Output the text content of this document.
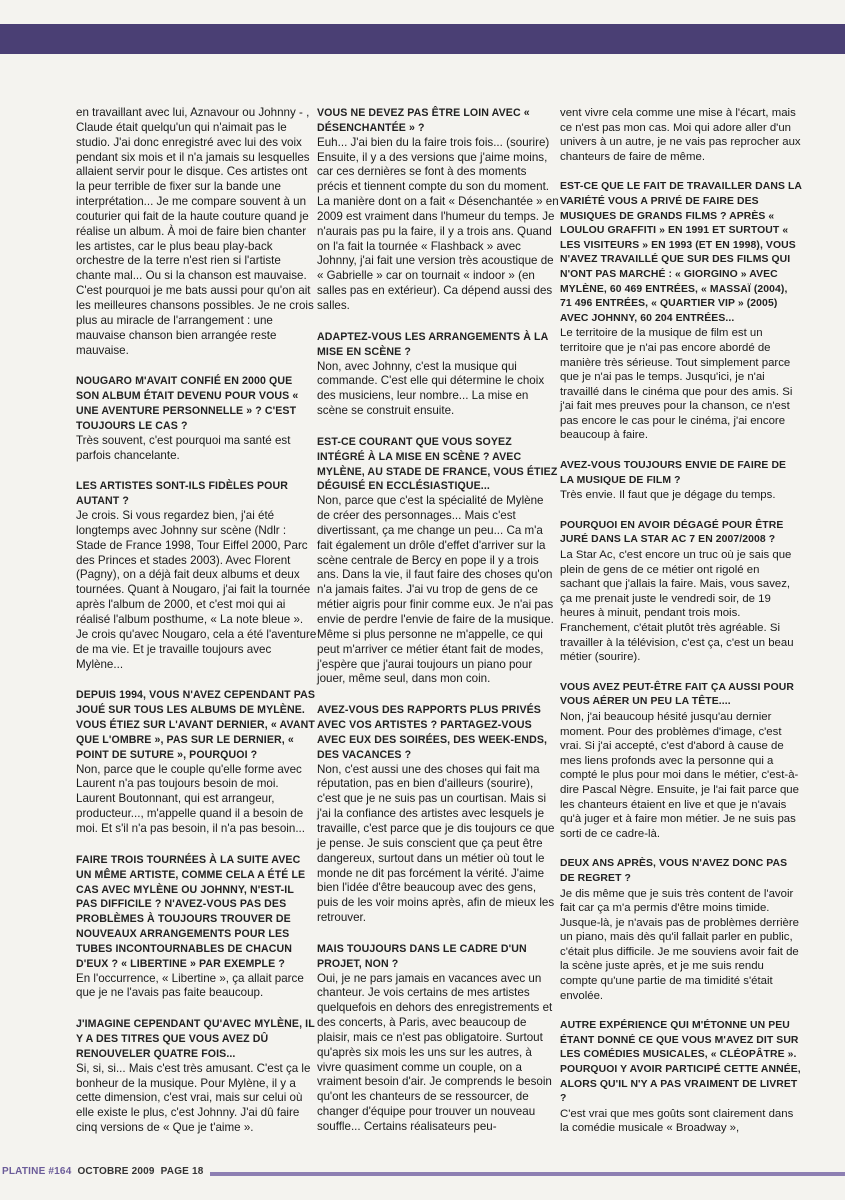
en travaillant avec lui, Aznavour ou Johnny - , Claude était quelqu'un qui n'aimait pas le studio. J'ai donc enregistré avec lui des voix pendant six mois et il n'a jamais su lesquelles allaient servir pour le disque. Ces artistes ont la peur terrible de fixer sur la bande une interprétation... Je me compare souvent à un couturier qui fait de la haute couture quand je réalise un album. À moi de faire bien chanter les artistes, car le plus beau play-back orchestre de la terre n'est rien si l'artiste chante mal... Ou si la chanson est mauvaise. C'est pourquoi je me bats aussi pour qu'on ait les meilleures chansons possibles. Je ne crois plus au miracle de l'arrangement : une mauvaise chanson bien arrangée reste mauvaise.

NOUGARO M'AVAIT CONFIÉ EN 2000 QUE SON ALBUM ÉTAIT DEVENU POUR VOUS « UNE AVENTURE PERSONNELLE » ? C'EST TOUJOURS LE CAS ?

Très souvent, c'est pourquoi ma santé est parfois chancelante.

LES ARTISTES SONT-ILS FIDÈLES POUR AUTANT ?

Je crois. Si vous regardez bien, j'ai été longtemps avec Johnny sur scène (Ndlr : Stade de France 1998, Tour Eiffel 2000, Parc des Princes et stades 2003). Avec Florent (Pagny), on a déjà fait deux albums et deux tournées. Quant à Nougaro, j'ai fait la tournée après l'album de 2000, et c'est moi qui ai réalisé l'album posthume, « La note bleue ». Je crois qu'avec Nougaro, cela a été l'aventure de ma vie. Et je travaille toujours avec Mylène...

DEPUIS 1994, VOUS N'AVEZ CEPENDANT PAS JOUÉ SUR TOUS LES ALBUMS DE MYLÈNE. VOUS ÉTIEZ SUR L'AVANT DERNIER, « AVANT QUE L'OMBRE », PAS SUR LE DERNIER, « POINT DE SUTURE », POURQUOI ?

Non, parce que le couple qu'elle forme avec Laurent n'a pas toujours besoin de moi. Laurent Boutonnant, qui est arrangeur, producteur..., m'appelle quand il a besoin de moi. Et s'il n'a pas besoin, il n'a pas besoin...

FAIRE TROIS TOURNÉES À LA SUITE AVEC UN MÊME ARTISTE, COMME CELA A ÉTÉ LE CAS AVEC MYLÈNE OU JOHNNY, N'EST-IL PAS DIFFICILE ? N'AVEZ-VOUS PAS DES PROBLÈMES À TOUJOURS TROUVER DE NOUVEAUX ARRANGEMENTS POUR LES TUBES INCONTOURNABLES DE CHACUN D'EUX ? « LIBERTINE » PAR EXEMPLE ?

En l'occurrence, « Libertine », ça allait parce que je ne l'avais pas faite beaucoup.

J'IMAGINE CEPENDANT QU'AVEC MYLÈNE, IL Y A DES TITRES QUE VOUS AVEZ DÛ RENOUVELER QUATRE FOIS...

Si, si, si... Mais c'est très amusant. C'est ça le bonheur de la musique. Pour Mylène, il y a cette dimension, c'est vrai, mais sur celui où elle existe le plus, c'est Johnny. J'ai dû faire cinq versions de « Que je t'aime ».

VOUS NE DEVEZ PAS ÊTRE LOIN AVEC « DÉSENCHANTÉE » ?

Euh... J'ai bien du la faire trois fois... (sourire) Ensuite, il y a des versions que j'aime moins, car ces dernières se font à des moments précis et tiennent compte du son du moment. La manière dont on a fait « Désenchantée » en 2009 est vraiment dans l'humeur du temps. Je n'aurais pas pu la faire, il y a trois ans. Quand on l'a fait la tournée « Flashback » avec Johnny, j'ai fait une version très acoustique de « Gabrielle » car on tournait « indoor » (en salles pas en extérieur). Ca dépend aussi des salles.

ADAPTEZ-VOUS LES ARRANGEMENTS À LA MISE EN SCÈNE ?

Non, avec Johnny, c'est la musique qui commande. C'est elle qui détermine le choix des musiciens, leur nombre... La mise en scène se construit ensuite.

EST-CE COURANT QUE VOUS SOYEZ INTÉGRÉ À LA MISE EN SCÈNE ? AVEC MYLÈNE, AU STADE DE FRANCE, VOUS ÉTIEZ DÉGUISÉ EN ECCLÉSIASTIQUE...

Non, parce que c'est la spécialité de Mylène de créer des personnages... Mais c'est divertissant, ça me change un peu... Ca m'a fait également un drôle d'effet d'arriver sur la scène centrale de Bercy en pope il y a trois ans. Dans la vie, il faut faire des choses qu'on n'a jamais faites. J'ai vu trop de gens de ce métier aigris pour finir comme eux. Je n'ai pas envie de perdre l'envie de faire de la musique. Même si plus personne ne m'appelle, ce qui peut m'arriver ce métier étant fait de modes, j'espère que j'aurai toujours un piano pour jouer, même seul, dans mon coin.

AVEZ-VOUS DES RAPPORTS PLUS PRIVÉS AVEC VOS ARTISTES ? PARTAGEZ-VOUS AVEC EUX DES SOIRÉES, DES WEEK-ENDS, DES VACANCES ?

Non, c'est aussi une des choses qui fait ma réputation, pas en bien d'ailleurs (sourire), c'est que je ne suis pas un courtisan. Mais si j'ai la confiance des artistes avec lesquels je travaille, c'est parce que je dis toujours ce que je pense. Je suis conscient que ça peut être dangereux, surtout dans un métier où tout le monde ne dit pas forcément la vérité. J'aime bien l'idée d'être beaucoup avec des gens, puis de les voir moins après, afin de mieux les retrouver.

MAIS TOUJOURS DANS LE CADRE D'UN PROJET, NON ?

Oui, je ne pars jamais en vacances avec un chanteur. Je vois certains de mes artistes quelquefois en dehors des enregistrements et des concerts, à Paris, avec beaucoup de plaisir, mais ce n'est pas obligatoire. Surtout qu'après six mois les uns sur les autres, à vivre quasiment comme un couple, on a vraiment besoin d'air. Je comprends le besoin qu'ont les chanteurs de se ressourcer, de changer d'équipe pour trouver un nouveau souffle... Certains réalisateurs peu-

vent vivre cela comme une mise à l'écart, mais ce n'est pas mon cas. Moi qui adore aller d'un univers à un autre, je ne vais pas reprocher aux chanteurs de faire de même.

EST-CE QUE LE FAIT DE TRAVAILLER DANS LA VARIÉTÉ VOUS A PRIVÉ DE FAIRE DES MUSIQUES DE GRANDS FILMS ? APRÈS « LOULOU GRAFFITI » EN 1991 ET SURTOUT « LES VISITEURS » EN 1993 (ET EN 1998), VOUS N'AVEZ TRAVAILLÉ QUE SUR DES FILMS QUI N'ONT PAS MARCHÉ : « GIORGINO » AVEC MYLÈNE, 60 469 ENTRÉES, « MASSAÏ (2004), 71 496 ENTRÉES, « QUARTIER VIP » (2005) AVEC JOHNNY, 60 204 ENTRÉES...

Le territoire de la musique de film est un territoire que je n'ai pas encore abordé de manière très sérieuse. Tout simplement parce que je n'ai pas le temps. Jusqu'ici, je n'ai travaillé dans le cinéma que pour des amis. Si j'ai fait mes preuves pour la chanson, ce n'est pas encore le cas pour le cinéma, j'ai encore beaucoup à faire.

AVEZ-VOUS TOUJOURS ENVIE DE FAIRE DE LA MUSIQUE DE FILM ?

Très envie. Il faut que je dégage du temps.

POURQUOI EN AVOIR DÉGAGÉ POUR ÊTRE JURÉ DANS LA STAR AC 7 EN 2007/2008 ?

La Star Ac, c'est encore un truc où je sais que plein de gens de ce métier ont rigolé en sachant que j'allais la faire. Mais, vous savez, ça me prenait juste le vendredi soir, de 19 heures à minuit, pendant trois mois. Franchement, c'était plutôt très agréable. Si travailler à la télévision, c'est ça, c'est un beau métier (sourire).

VOUS AVEZ PEUT-ÊTRE FAIT ÇA AUSSI POUR VOUS AÉRER UN PEU LA TÊTE....

Non, j'ai beaucoup hésité jusqu'au dernier moment. Pour des problèmes d'image, c'est vrai. Si j'ai accepté, c'est d'abord à cause de mes liens profonds avec la personne qui a compté le plus pour moi dans le métier, c'est-à-dire Pascal Nègre. Ensuite, je l'ai fait parce que les chanteurs étaient en live et que je n'avais qu'à juger et à faire mon métier. Je ne suis pas sorti de ce cadre-là.

DEUX ANS APRÈS, VOUS N'AVEZ DONC PAS DE REGRET ?

Je dis même que je suis très content de l'avoir fait car ça m'a permis d'être moins timide. Jusque-là, je n'avais pas de problèmes derrière un piano, mais dès qu'il fallait parler en public, c'était plus difficile. Je me souviens avoir fait de la scène juste après, et je me suis rendu compte qu'une partie de ma timidité s'était envolée.

AUTRE EXPÉRIENCE QUI M'ÉTONNE UN PEU ÉTANT DONNÉ CE QUE VOUS M'AVEZ DIT SUR LES COMÉDIES MUSICALES, « CLÉOPÂTRE ». POURQUOI Y AVOIR PARTICIPÉ CETTE ANNÉE, ALORS QU'IL N'Y A PAS VRAIMENT DE LIVRET ?

C'est vrai que mes goûts sont clairement dans la comédie musicale « Broadway »,

PLATINE #164 OCTOBRE 2009 PAGE 18
